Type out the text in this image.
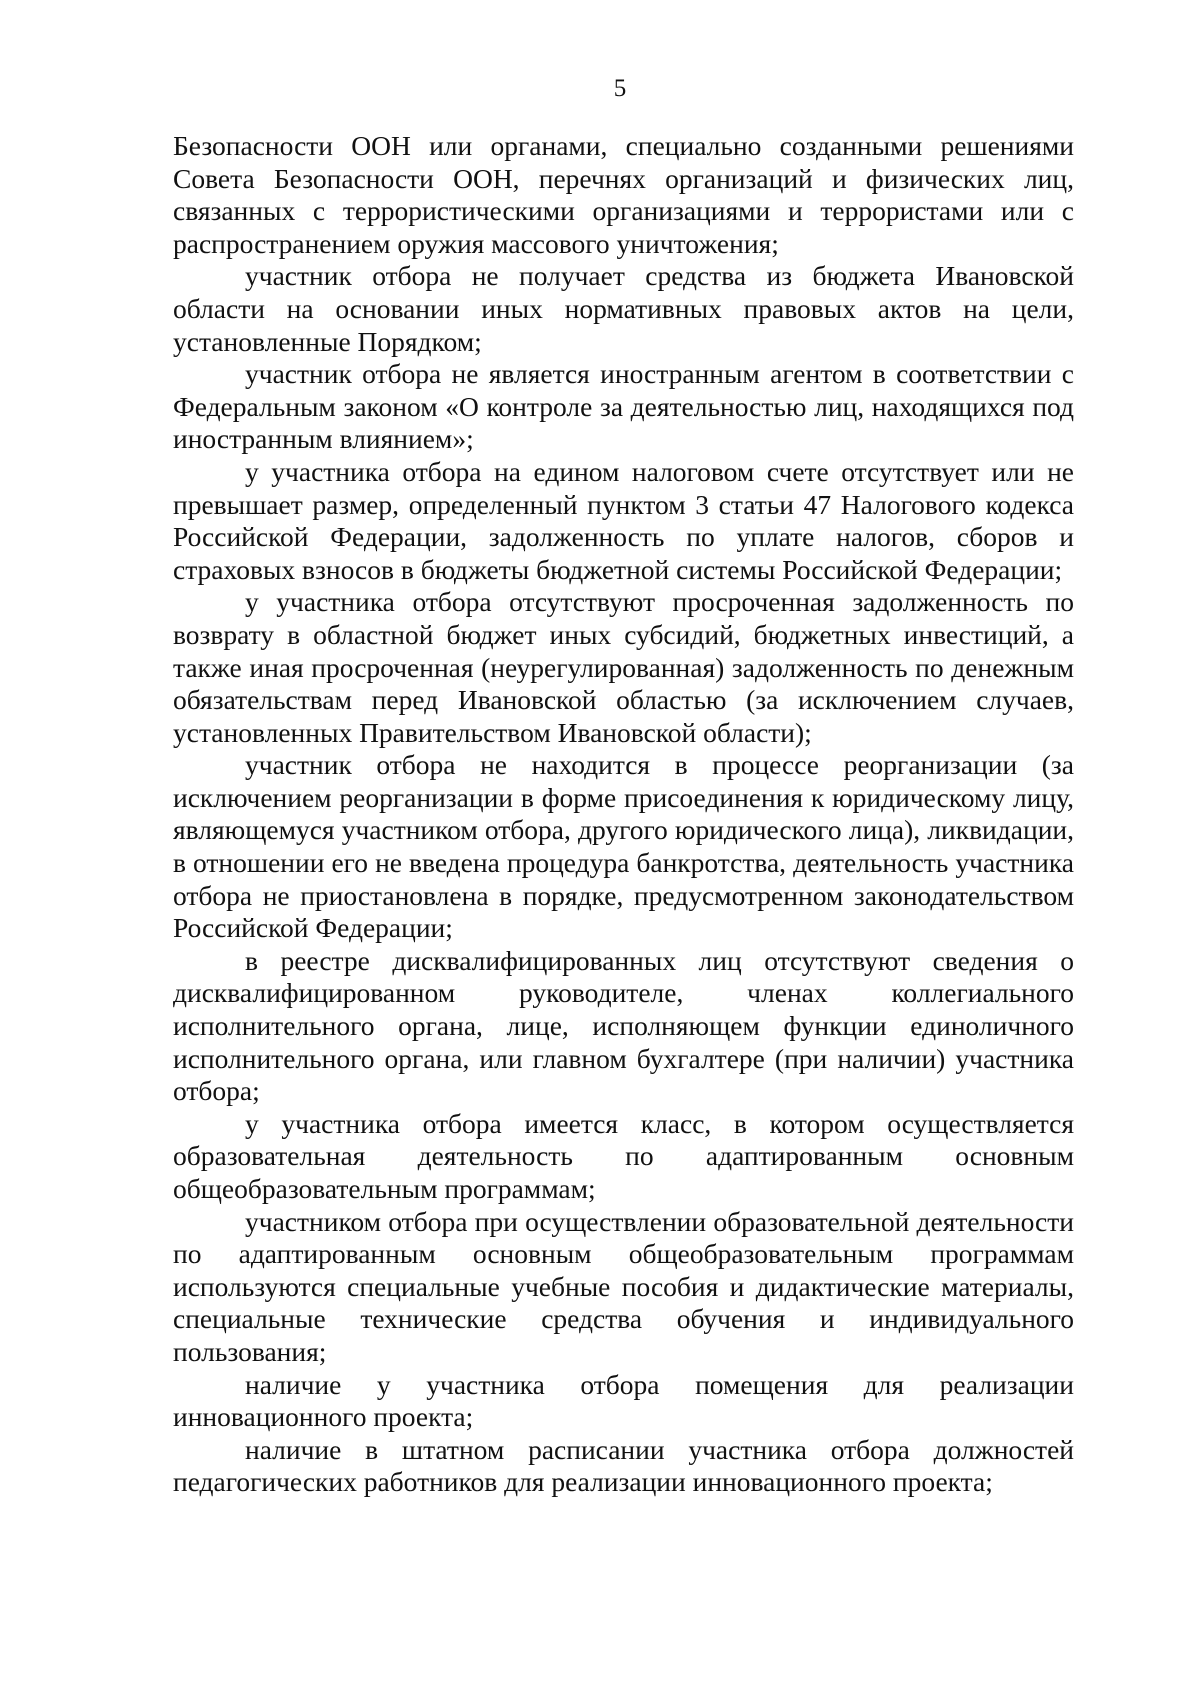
5

Безопасности ООН или органами, специально созданными решениями Совета Безопасности ООН, перечнях организаций и физических лиц, связанных с террористическими организациями и террористами или с распространением оружия массового уничтожения;

участник отбора не получает средства из бюджета Ивановской области на основании иных нормативных правовых актов на цели, установленные Порядком;

участник отбора не является иностранным агентом в соответствии с Федеральным законом «О контроле за деятельностью лиц, находящихся под иностранным влиянием»;

у участника отбора на едином налоговом счете отсутствует или не превышает размер, определенный пунктом 3 статьи 47 Налогового кодекса Российской Федерации, задолженность по уплате налогов, сборов и страховых взносов в бюджеты бюджетной системы Российской Федерации;

у участника отбора отсутствуют просроченная задолженность по возврату в областной бюджет иных субсидий, бюджетных инвестиций, а также иная просроченная (неурегулированная) задолженность по денежным обязательствам перед Ивановской областью (за исключением случаев, установленных Правительством Ивановской области);

участник отбора не находится в процессе реорганизации (за исключением реорганизации в форме присоединения к юридическому лицу, являющемуся участником отбора, другого юридического лица), ликвидации, в отношении его не введена процедура банкротства, деятельность участника отбора не приостановлена в порядке, предусмотренном законодательством Российской Федерации;

в реестре дисквалифицированных лиц отсутствуют сведения о дисквалифицированном руководителе, членах коллегиального исполнительного органа, лице, исполняющем функции единоличного исполнительного органа, или главном бухгалтере (при наличии) участника отбора;

у участника отбора имеется класс, в котором осуществляется образовательная деятельность по адаптированным основным общеобразовательным программам;

участником отбора при осуществлении образовательной деятельности по адаптированным основным общеобразовательным программам используются специальные учебные пособия и дидактические материалы, специальные технические средства обучения и индивидуального пользования;

наличие у участника отбора помещения для реализации инновационного проекта;

наличие в штатном расписании участника отбора должностей педагогических работников для реализации инновационного проекта;
